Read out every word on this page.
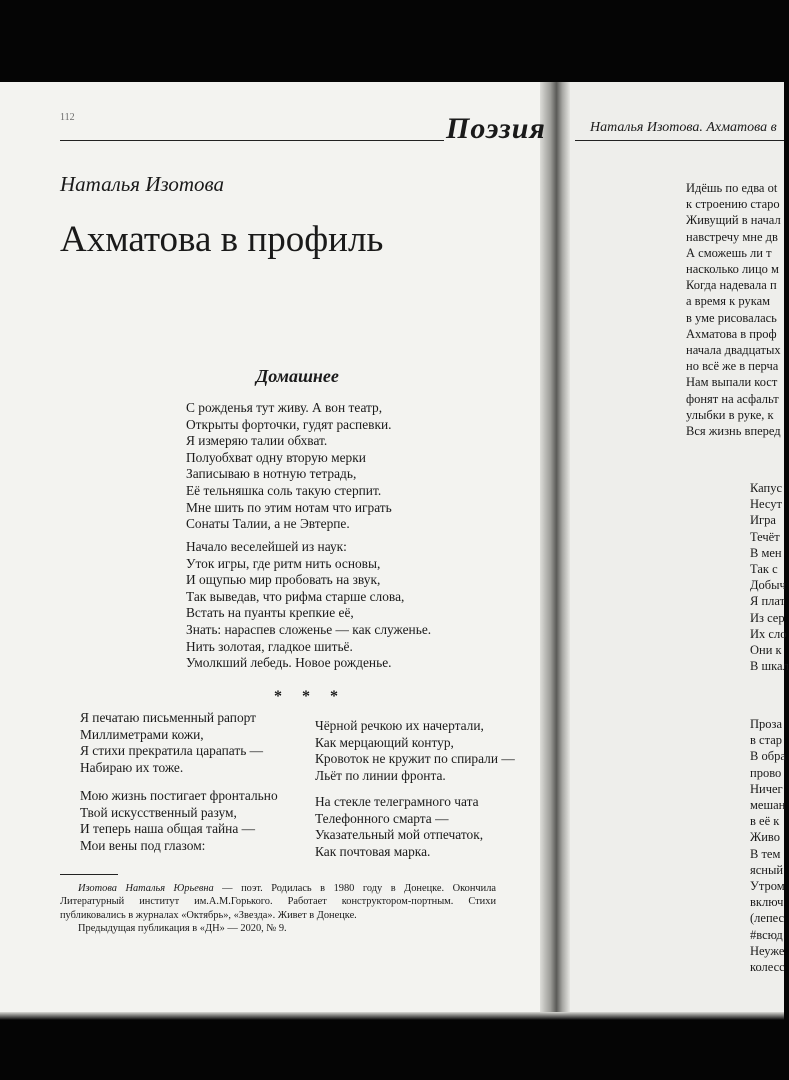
112	Поэзия	Наталья Изотова. Ахматова в
Наталья Изотова
Ахматова в профиль
Домашнее
С рожденья тут живу. А вон театр,
Открыты форточки, гудят распевки.
Я измеряю талии обхват.
Полуобхват одну вторую мерки
Записываю в нотную тетрадь,
Её тельняшка соль такую стерпит.
Мне шить по этим нотам что играть
Сонаты Талии, а не Эвтерпе.
Начало веселейшей из наук:
Уток игры, где ритм нить основы,
И ощупью мир пробовать на звук,
Так выведав, что рифма старше слова,
Встать на пуанты крепкие её,
Знать: нараспев сложенье — как служенье.
Нить золотая, гладкое шитьё.
Умолкший лебедь. Новое рожденье.
* * *
Я печатаю письменный рапорт
Миллиметрами кожи,
Я стихи прекратила царапать —
Набираю их тоже.
Мою жизнь постигает фронтально
Твой искусственный разум,
И теперь наша общая тайна —
Мои вены под глазом:
Чёрной речкою их начертали,
Как мерцающий контур,
Кровоток не кружит по спирали —
Льёт по линии фронта.
На стекле телеграмного чата
Телефонного смарта —
Указательный мой отпечаток,
Как почтовая марка.

Изотова Наталья Юрьевна — поэт. Родилась в 1980 году в Донецке. Окончила Литературный институт им.А.М.Горького. Работает конструктором-портным. Стихи публиковались в журналах «Октябрь», «Звезда». Живет в Донецке.

Предыдущая публикация в «ДН» — 2020, № 9.

Идёшь по едва оt
к строению старо
Живущий в начал
навстречу мне дв
А сможешь ли т
насколько лицо м
Когда надевала п
а время к рукам
в уме рисовалась
Ахматова в проф
начала двадцатых
но всё же в перча
Нам выпали кост
фонят на асфальт
улыбки в руке, к
Вся жизнь вперед
Капус
Несут
Игра
Течёт
В мен
Так с
Добыч
Я плат
Из сер
Их сло
Они к
В шкал
Проза
в стар
В обра
прово
Ничег
мешан
в её к
Живо
В тем
ясный
Утром
включ
(лепес
#всюд
Неуже
колесс
